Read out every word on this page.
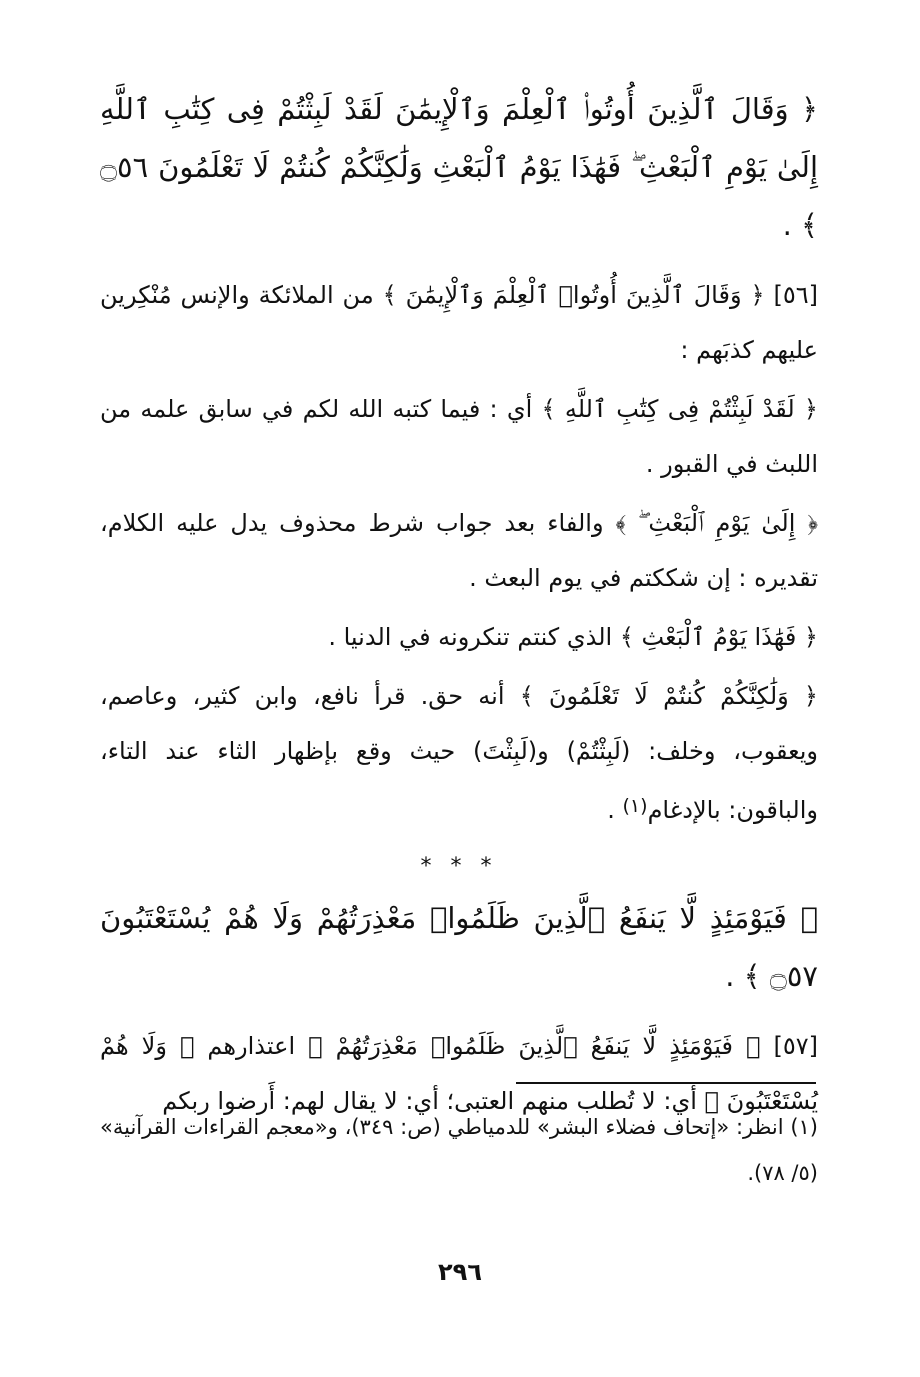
﴿ وَقَالَ ٱلَّذِينَ أُوتُوا۟ ٱلْعِلْمَ وَٱلْإِيمَٰنَ لَقَدْ لَبِثْتُمْ فِى كِتَٰبِ ٱللَّهِ إِلَىٰ يَوْمِ ٱلْبَعْثِ ۖ فَهَٰذَا يَوْمُ ٱلْبَعْثِ وَلَٰكِنَّكُمْ كُنتُمْ لَا تَعْلَمُونَ ۝٥٦ ﴾ .

[٥٦] ﴿ وَقَالَ ٱلَّذِينَ أُوتُوا۟ ٱلْعِلْمَ وَٱلْإِيمَٰنَ ﴾ من الملائكة والإنس مُنْكِرين عليهم كذبَهم :

﴿ لَقَدْ لَبِثْتُمْ فِى كِتَٰبِ ٱللَّهِ ﴾ أي : فيما كتبه الله لكم في سابق علمه من اللبث في القبور .

﴿ إِلَىٰ يَوْمِ ٱلْبَعْثِ ۖ ﴾ والفاء بعد جواب شرط محذوف يدل عليه الكلام، تقديره : إن شككتم في يوم البعث .

﴿ فَهَٰذَا يَوْمُ ٱلْبَعْثِ ﴾ الذي كنتم تنكرونه في الدنيا .

﴿ وَلَٰكِنَّكُمْ كُنتُمْ لَا تَعْلَمُونَ ﴾ أنه حق. قرأ نافع، وابن كثير، وعاصم، ويعقوب، وخلف: (لَبِثْتُمْ) و(لَبِثْتَ) حيث وقع بإظهار الثاء عند التاء، والباقون: بالإدغام$^{(١)}$ .

* * *

﴿ فَيَوْمَئِذٍ لَّا يَنفَعُ ٱلَّذِينَ ظَلَمُوا۟ مَعْذِرَتُهُمْ وَلَا هُمْ يُسْتَعْتَبُونَ ۝٥٧ ﴾ .

[٥٧] ﴿ فَيَوْمَئِذٍ لَّا يَنفَعُ ٱلَّذِينَ ظَلَمُوا۟ مَعْذِرَتُهُمْ ﴾ اعتذارهم ﴿ وَلَا هُمْ يُسْتَعْتَبُونَ ﴾ أي: لا تُطلب منهم العتبى؛ أي: لا يقال لهم: أَرضوا ربكم

(١) انظر: «إتحاف فضلاء البشر» للدمياطي (ص: ٣٤٩)، و«معجم القراءات القرآنية» (٥/ ٧٨).
٢٩٦
